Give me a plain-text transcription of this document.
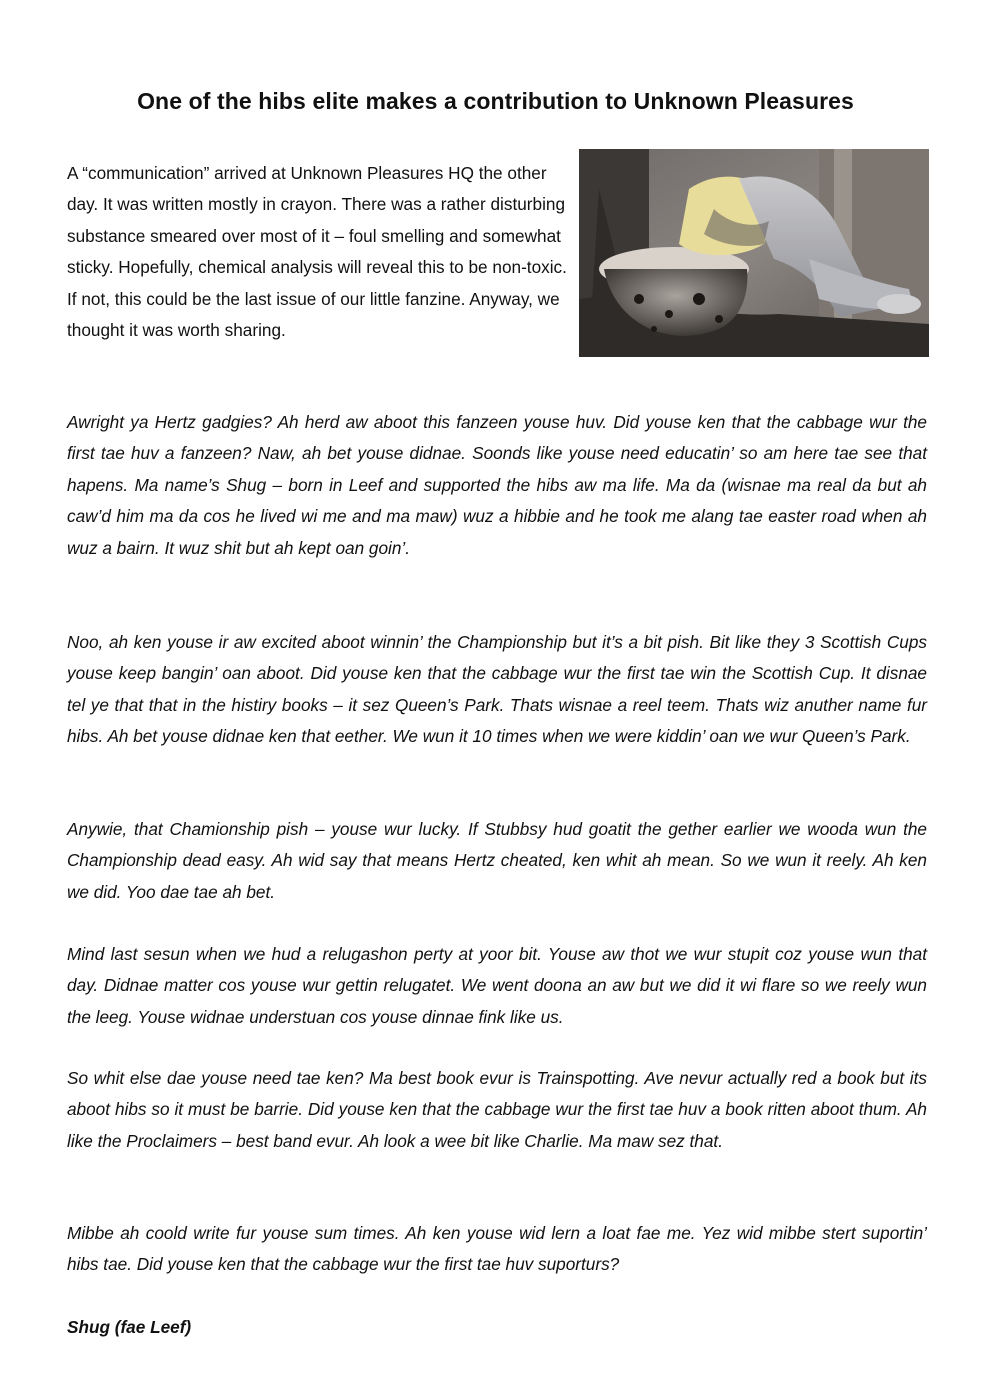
One of the hibs elite makes a contribution to Unknown Pleasures
A “communication” arrived at Unknown Pleasures HQ the other day. It was written mostly in crayon. There was a rather disturbing substance smeared over most of it – foul smelling and somewhat sticky. Hopefully, chemical analysis will reveal this to be non-toxic. If not, this could be the last issue of our little fanzine. Anyway, we thought it was worth sharing.
Awright ya Hertz gadgies? Ah herd aw aboot this fanzeen youse huv. Did youse ken that the cabbage wur the first tae huv a fanzeen? Naw, ah bet youse didnae. Soonds like youse need educatin’ so am here tae see that hapens. Ma name’s Shug – born in Leef and supported the hibs aw ma life. Ma da (wisnae ma real da but ah caw’d him ma da cos he lived wi me and ma maw) wuz a hibbie and he took me alang tae easter road when ah wuz a bairn. It wuz shit but ah kept oan goin’.
Noo, ah ken youse ir aw excited aboot winnin’ the Championship but it’s a bit pish. Bit like they 3 Scottish Cups youse keep bangin’ oan aboot. Did youse ken that the cabbage wur the first tae win the Scottish Cup. It disnae tel ye that that in the histiry books – it sez Queen’s Park. Thats wisnae a reel teem. Thats wiz anuther name fur hibs. Ah bet youse didnae ken that eether. We wun it 10 times when we were kiddin’ oan we wur Queen’s Park.
Anywie, that Chamionship pish – youse wur lucky. If Stubbsy hud goatit the gether earlier we wooda wun the Championship dead easy. Ah wid say that means Hertz cheated, ken whit ah mean. So we wun it reely. Ah ken we did. Yoo dae tae ah bet.
Mind last sesun when we hud a relugashon perty at yoor bit. Youse aw thot we wur stupit coz youse wun that day. Didnae matter cos youse wur gettin relugatet. We went doona an aw but we did it wi flare so we reely wun the leeg. Youse widnae understuan cos youse dinnae fink like us.
So whit else dae youse need tae ken? Ma best book evur is Trainspotting. Ave nevur actually red a book but its aboot hibs so it must be barrie. Did youse ken that the cabbage wur the first tae huv a book ritten aboot thum. Ah like the Proclaimers – best band evur. Ah look a wee bit like Charlie. Ma maw sez that.
Mibbe ah coold write fur youse sum times. Ah ken youse wid lern a loat fae me. Yez wid mibbe stert suportin’ hibs tae. Did youse ken that the cabbage wur the first tae huv suporturs?
Shug (fae Leef)
